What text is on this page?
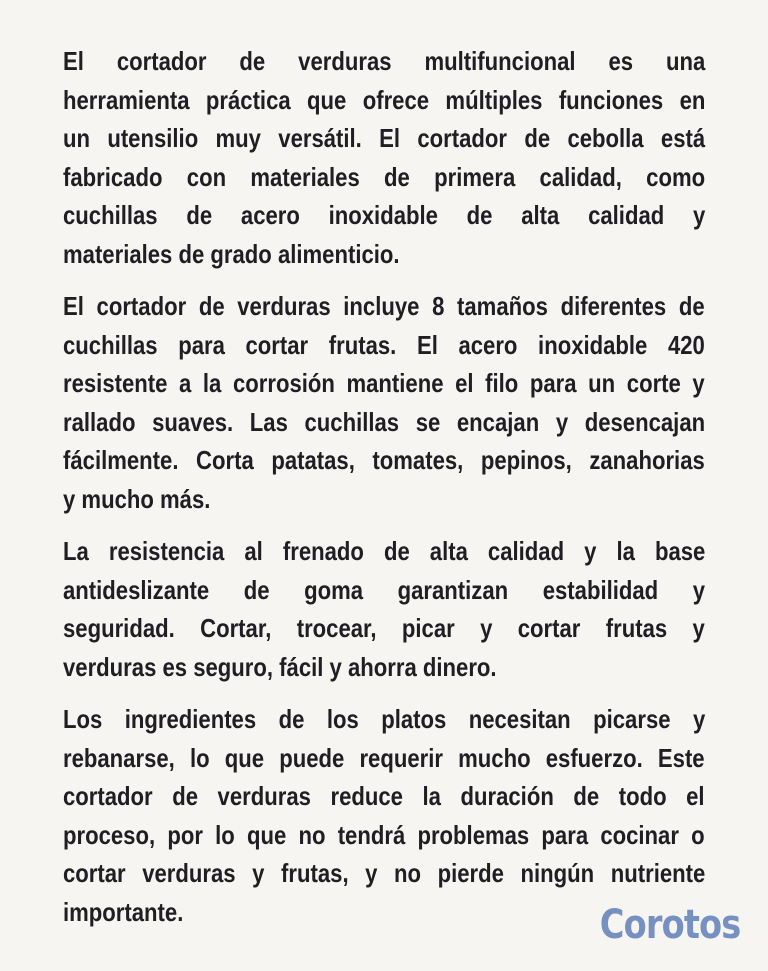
El cortador de verduras multifuncional es una
herramienta práctica que ofrece múltiples funciones en
un utensilio muy versátil. El cortador de cebolla está
fabricado con materiales de primera calidad, como
cuchillas de acero inoxidable de alta calidad y
materiales de grado alimenticio.
El cortador de verduras incluye 8 tamaños diferentes de
cuchillas para cortar frutas. El acero inoxidable 420
resistente a la corrosión mantiene el filo para un corte y
rallado suaves. Las cuchillas se encajan y desencajan
fácilmente. Corta patatas, tomates, pepinos, zanahorias
y mucho más.
La resistencia al frenado de alta calidad y la base
antideslizante de goma garantizan estabilidad y
seguridad. Cortar, trocear, picar y cortar frutas y
verduras es seguro, fácil y ahorra dinero.
Los ingredientes de los platos necesitan picarse y
rebanarse, lo que puede requerir mucho esfuerzo. Este
cortador de verduras reduce la duración de todo el
proceso, por lo que no tendrá problemas para cocinar o
cortar verduras y frutas, y no pierde ningún nutriente
importante.	Corotos
